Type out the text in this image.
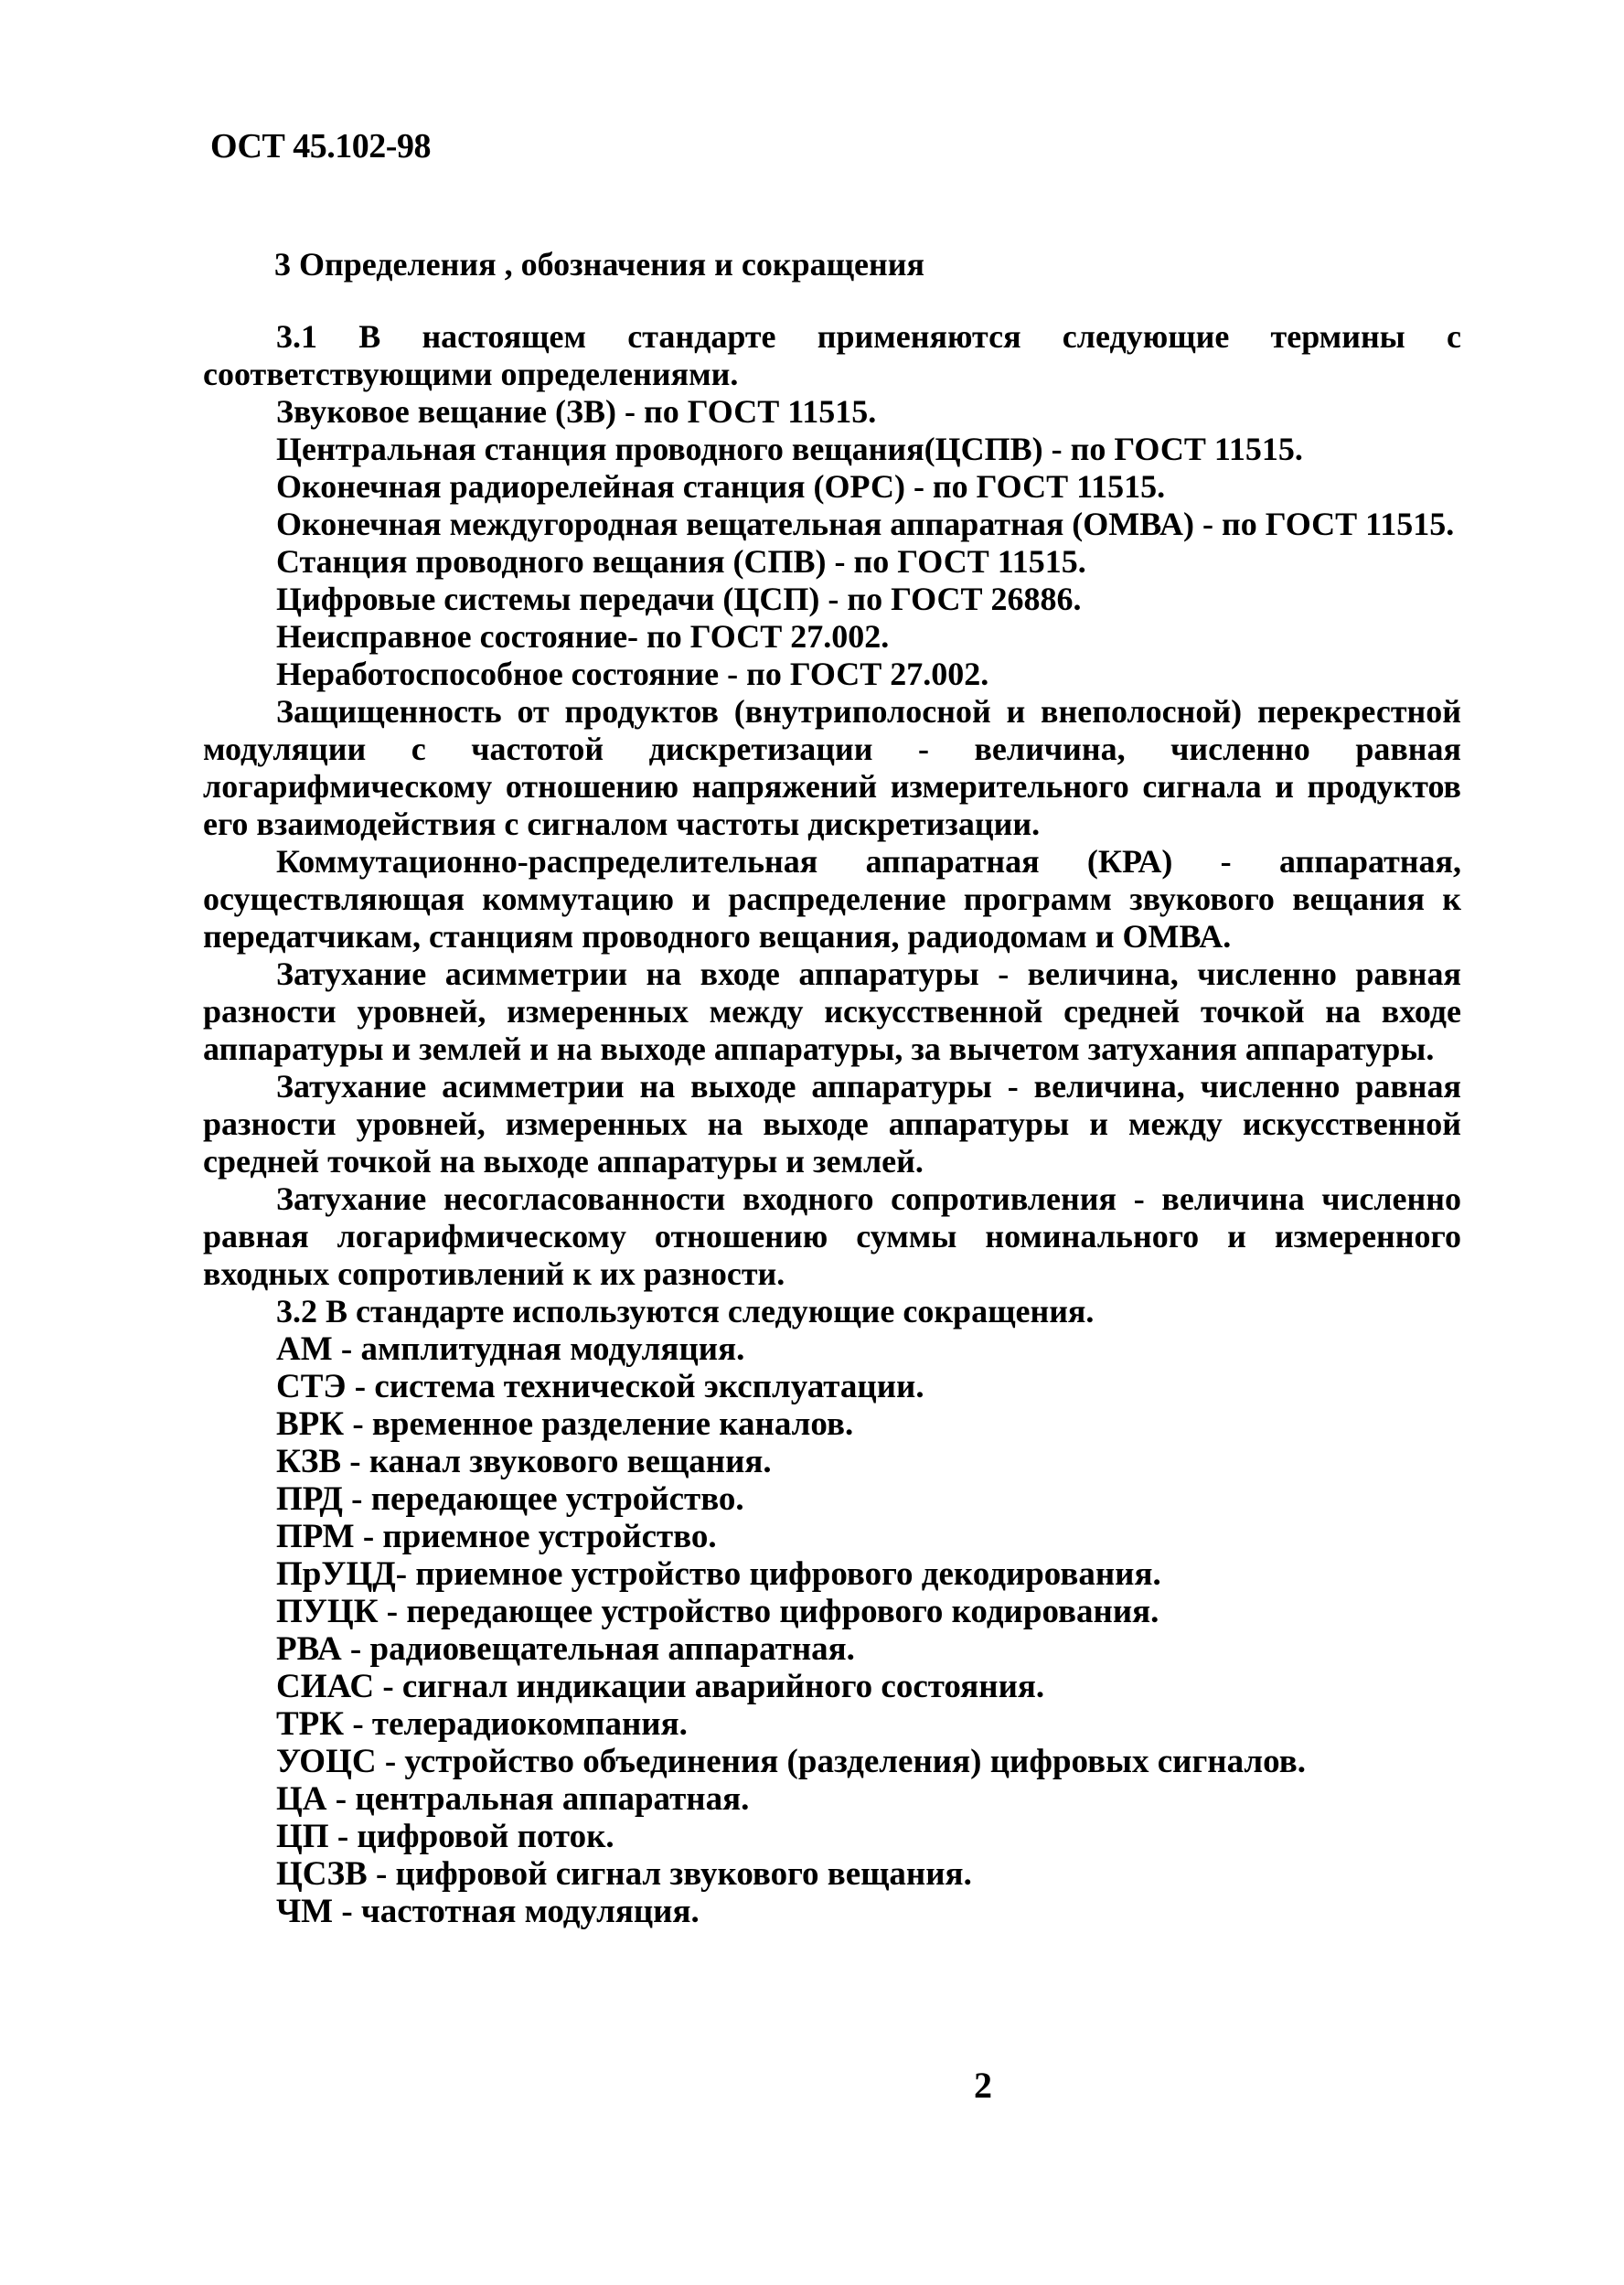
ОСТ 45.102-98
3 Определения , обозначения и сокращения

3.1 В настоящем стандарте применяются следующие термины с соответствующими определениями.

Звуковое вещание (ЗВ) - по ГОСТ 11515.

Центральная станция проводного вещания(ЦСПВ) - по ГОСТ 11515.

Оконечная радиорелейная станция (ОРС) - по ГОСТ 11515.

Оконечная междугородная вещательная аппаратная (ОМВА) - по ГОСТ 11515.

Станция проводного вещания (СПВ) - по ГОСТ 11515.

Цифровые системы передачи (ЦСП) - по ГОСТ 26886.

Неисправное состояние- по ГОСТ 27.002.

Неработоспособное состояние - по ГОСТ 27.002.

Защищенность от продуктов (внутриполосной и внеполосной) перекрестной модуляции с частотой дискретизации - величина, численно равная логарифмическому отношению напряжений измерительного сигнала и продуктов его взаимодействия с сигналом частоты дискретизации.

Коммутационно-распределительная аппаратная (КРА) - аппаратная, осуществляющая коммутацию и распределение программ звукового вещания к передатчикам, станциям проводного вещания, радиодомам и ОМВА.

Затухание асимметрии на входе аппаратуры - величина, численно равная разности уровней, измеренных между искусственной средней точкой на входе аппаратуры и землей и на выходе аппаратуры, за вычетом затухания аппаратуры.

Затухание асимметрии на выходе аппаратуры - величина, численно равная разности уровней, измеренных на выходе аппаратуры и между искусственной средней точкой на выходе аппаратуры и землей.

Затухание несогласованности входного сопротивления - величина численно равная логарифмическому отношению суммы номинального и измеренного входных сопротивлений к их разности.

3.2 В стандарте используются следующие сокращения.

АМ - амплитудная модуляция.
СТЭ - система технической эксплуатации.
ВРК - временное разделение каналов.
КЗВ - канал звукового вещания.
ПРД - передающее устройство.
ПРМ - приемное устройство.
ПрУЦД- приемное устройство цифрового декодирования.
ПУЦК - передающее устройство цифрового кодирования.
РВА - радиовещательная аппаратная.
СИАС - сигнал индикации аварийного состояния.
ТРК - телерадиокомпания.
УОЦС - устройство объединения (разделения) цифровых сигналов.
ЦА - центральная аппаратная.
ЦП - цифровой поток.
ЦСЗВ - цифровой сигнал звукового вещания.
ЧМ - частотная модуляция.
2
